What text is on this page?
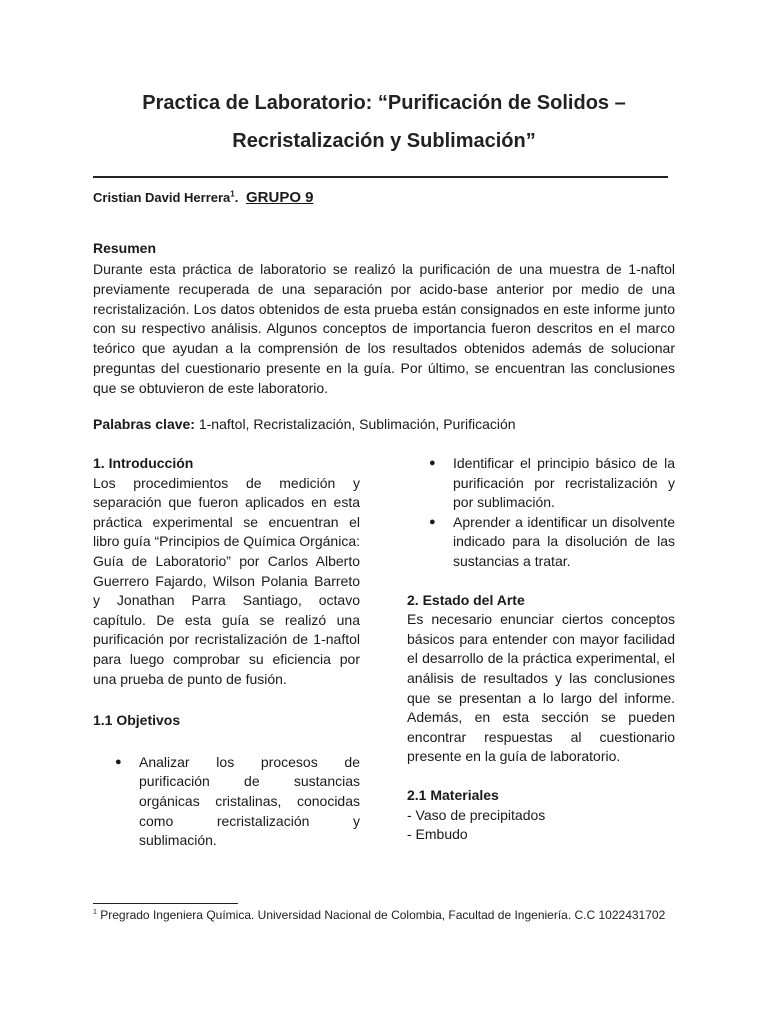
Practica de Laboratorio: “Purificación de Solidos –
Recristalización y Sublimación”
Cristian David Herrera$^1$. GRUPO 9
Resumen

Durante esta práctica de laboratorio se realizó la purificación de una muestra de 1-naftol previamente recuperada de una separación por acido-base anterior por medio de una recristalización. Los datos obtenidos de esta prueba están consignados en este informe junto con su respectivo análisis. Algunos conceptos de importancia fueron descritos en el marco teórico que ayudan a la comprensión de los resultados obtenidos además de solucionar preguntas del cuestionario presente en la guía. Por último, se encuentran las conclusiones que se obtuvieron de este laboratorio.

Palabras clave: 1-naftol, Recristalización, Sublimación, Purificación

1. Introducción

Los procedimientos de medición y separación que fueron aplicados en esta práctica experimental se encuentran el libro guía “Principios de Química Orgánica: Guía de Laboratorio” por Carlos Alberto Guerrero Fajardo, Wilson Polania Barreto y Jonathan Parra Santiago, octavo capítulo. De esta guía se realizó una purificación por recristalización de 1-naftol para luego comprobar su eficiencia por una prueba de punto de fusión.

1.1 Objetivos

● Analizar los procesos de purificación de sustancias orgánicas cristalinas, conocidas como recristalización y sublimación.
● Identificar el principio básico de la purificación por recristalización y por sublimación.
● Aprender a identificar un disolvente indicado para la disolución de las sustancias a tratar.

2. Estado del Arte

Es necesario enunciar ciertos conceptos básicos para entender con mayor facilidad el desarrollo de la práctica experimental, el análisis de resultados y las conclusiones que se presentan a lo largo del informe. Además, en esta sección se pueden encontrar respuestas al cuestionario presente en la guía de laboratorio.

2.1 Materiales

- Vaso de precipitados
- Embudo
$^1$ Pregrado Ingeniera Química. Universidad Nacional de Colombia, Facultad de Ingeniería. C.C 1022431702
